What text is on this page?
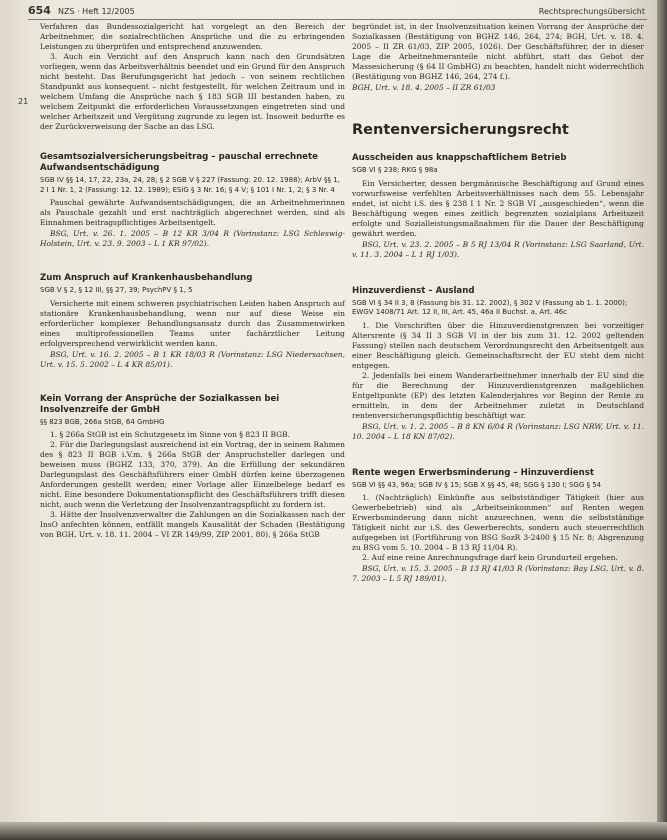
654 NZS · Heft 12/2005	Rechtsprechungsübersicht
21

Verfahren das Bundessozialgericht hat vorgelegt an den Bereich der Arbeitnehmer, die sozialrechtlichen Ansprüche und die zu erbringenden Leistungen zu überprüfen und entsprechend anzuwenden.

3. Auch ein Verzicht auf den Anspruch kann nach den Grundsätzen vorliegen, wenn das Arbeitsverhältnis beendet und ein Grund für den Anspruch nicht besteht. Das Berufungsgericht hat jedoch – von seinem rechtlichen Standpunkt aus konsequent – nicht festgestellt, für welchen Zeitraum und in welchem Umfang die Ansprüche nach § 183 SGB III bestanden haben, zu welchem Zeitpunkt die erforderlichen Voraussetzungen eingetreten sind und welcher Arbeitszeit und Vergütung zugrunde zu legen ist. Insoweit bedurfte es der Zurückverweisung der Sache an das LSG.

Gesamtsozialversicherungsbeitrag – pauschal errechnete Aufwandsentschädigung
SGB IV §§ 14, 17, 22, 23a, 24, 28; § 2 SGB V § 227 (Fassung: 20. 12. 1988); ArbV §§ 1, 2 I 1 Nr. 1, 2 (Fassung: 12. 12. 1989); ESiG § 3 Nr. 16; § 4 V; § 101 I Nr. 1, 2; § 3 Nr. 4

Pauschal gewährte Aufwandsentschädigungen, die an Arbeitnehmerinnen als Pauschale gezahlt und erst nachträglich abgerechnet werden, sind als Einnahmen beitragspflichtiges Arbeitsentgelt.

BSG, Urt. v. 26. 1. 2005 – B 12 KR 3/04 R (Vorinstanz: LSG Schleswig-Holstein, Urt. v. 23. 9. 2003 – L 1 KR 97/02).

Zum Anspruch auf Krankenhausbehandlung
SGB V § 2, § 12 III, §§ 27, 39; PsychPV § 1, 5

Versicherte mit einem schweren psychiatrischen Leiden haben Anspruch auf stationäre Krankenhausbehandlung, wenn nur auf diese Weise ein erforderlicher komplexer Behandlungsansatz durch das Zusammenwirken eines multiprofessionellen Teams unter fachärztlicher Leitung erfolgversprechend verwirklicht werden kann.

BSG, Urt. v. 16. 2. 2005 – B 1 KR 18/03 R (Vorinstanz: LSG Niedersachsen, Urt. v. 15. 5. 2002 – L 4 KR 85/01).

Kein Vorrang der Ansprüche der Sozialkassen bei Insolvenzreife der GmbH
§§ 823 BGB, 266a StGB, 64 GmbHG

1. § 266a StGB ist ein Schutzgesetz im Sinne von § 823 II BGB.

2. Für die Darlegungslast ausreichend ist ein Vortrag, der in seinem Rahmen des § 823 II BGB i.V.m. § 266a StGB der Anspruchsteller darlegen und beweisen muss (BGHZ 133, 370, 379). An die Erfüllung der sekundären Darlegungslast des Geschäftsführers einer GmbH dürfen keine überzogenen Anforderungen gestellt werden; einer Vorlage aller Einzelbelege bedarf es nicht. Eine besondere Dokumentationspflicht des Geschäftsführers trifft diesen nicht, auch wenn die Verletzung der Insolvenzantragspflicht zu fordern ist.

3. Hätte der Insolvenzverwalter die Zahlungen an die Sozialkassen nach der InsO anfechten können, entfällt mangels Kausalität der Schaden (Bestätigung von BGH, Urt. v. 18. 11. 2004 – VI ZR 149/99, ZIP 2001, 80). § 266a StGB

begründet ist, in der Insolvenzsituation keinen Vorrang der Ansprüche der Sozialkassen (Bestätigung von BGHZ 146, 264, 274; BGH, Urt. v. 18. 4. 2005 – II ZR 61/03, ZIP 2005, 1026). Der Geschäftsführer, der in dieser Lage die Arbeitnehmeranteile nicht abführt, statt das Gebot der Massesicherung (§ 64 II GmbHG) zu beachten, handelt nicht widerrechtlich (Bestätigung von BGHZ 146, 264, 274 f.).

BGH, Urt. v. 18. 4. 2005 – II ZR 61/03

Rentenversicherungsrecht
Ausscheiden aus knappschaftlichem Betrieb
SGB VI § 238; RKG § 98a

Ein Versicherter, dessen bergmännische Beschäftigung auf Grund eines vorwurfsweise verfehlten Arbeitsverhältnisses nach dem 55. Lebensjahr endet, ist nicht i.S. des § 238 I 1 Nr. 2 SGB VI „ausgeschieden“, wenn die Beschäftigung wegen eines zeitlich begrenzten sozialplans Arbeitszeit erfolgte und Sozialleistungsmaßnahmen für die Dauer der Beschäftigung gewährt werden.

BSG, Urt. v. 23. 2. 2005 – B 5 RJ 13/04 R (Vorinstanz: LSG Saarland, Urt. v. 11. 3. 2004 – L 1 RJ 1/03).

Hinzuverdienst – Ausland
SGB VI § 34 II 3, 8 (Fassung bis 31. 12. 2002), § 302 V (Fassung ab 1. 1. 2000); EWGV 1408/71 Art. 12 II, III, Art. 45, 46a II Buchst. a, Art. 46c

1. Die Vorschriften über die Hinzuverdienstgrenzen bei vorzeitiger Altersrente (§ 34 II 3 SGB VI in der bis zum 31. 12. 2002 geltenden Fassung) stellen nach deutschem Verordnungsrecht den Arbeitsentgelt aus einer Beschäftigung gleich. Gemeinschaftsrecht der EU steht dem nicht entgegen.

2. Jedenfalls bei einem Wanderarbeitnehmer innerhalb der EU sind die für die Berechnung der Hinzuverdienstgrenzen maßgeblichen Entgeltpunkte (EP) des letzten Kalenderjahres vor Beginn der Rente zu ermitteln, in dem der Arbeitnehmer zuletzt in Deutschland rentenversicherungspflichtig beschäftigt war.

BSG, Urt. v. 1. 2. 2005 – B 8 KN 6/04 R (Vorinstanz: LSG NRW, Urt. v. 11. 10. 2004 – L 18 KN 87/02).

Rente wegen Erwerbsminderung – Hinzuverdienst
SGB VI §§ 43, 96a; SGB IV § 15; SGB X §§ 45, 48; SGG § 130 I; SGG § 54

1. (Nachträglich) Einkünfte aus selbstständiger Tätigkeit (hier aus Gewerbebetrieb) sind als „Arbeitseinkommen“ auf Renten wegen Erwerbsminderung dann nicht anzurechnen, wenn die selbstständige Tätigkeit nicht zur i.S. des Gewerberechts, sondern auch steuerrechtlich aufgegeben ist (Fortführung von BSG SozR 3-2400 § 15 Nr. 8; Abgrenzung zu BSG vom 5. 10. 2004 – B 13 RJ 11/04 R).

2. Auf eine reine Anrechnungsfrage darf kein Grundurteil ergehen.

BSG, Urt. v. 15. 3. 2005 – B 13 RJ 41/03 R (Vorinstanz: Bay LSG, Urt. v. 8. 7. 2003 – L 5 RJ 189/01).
